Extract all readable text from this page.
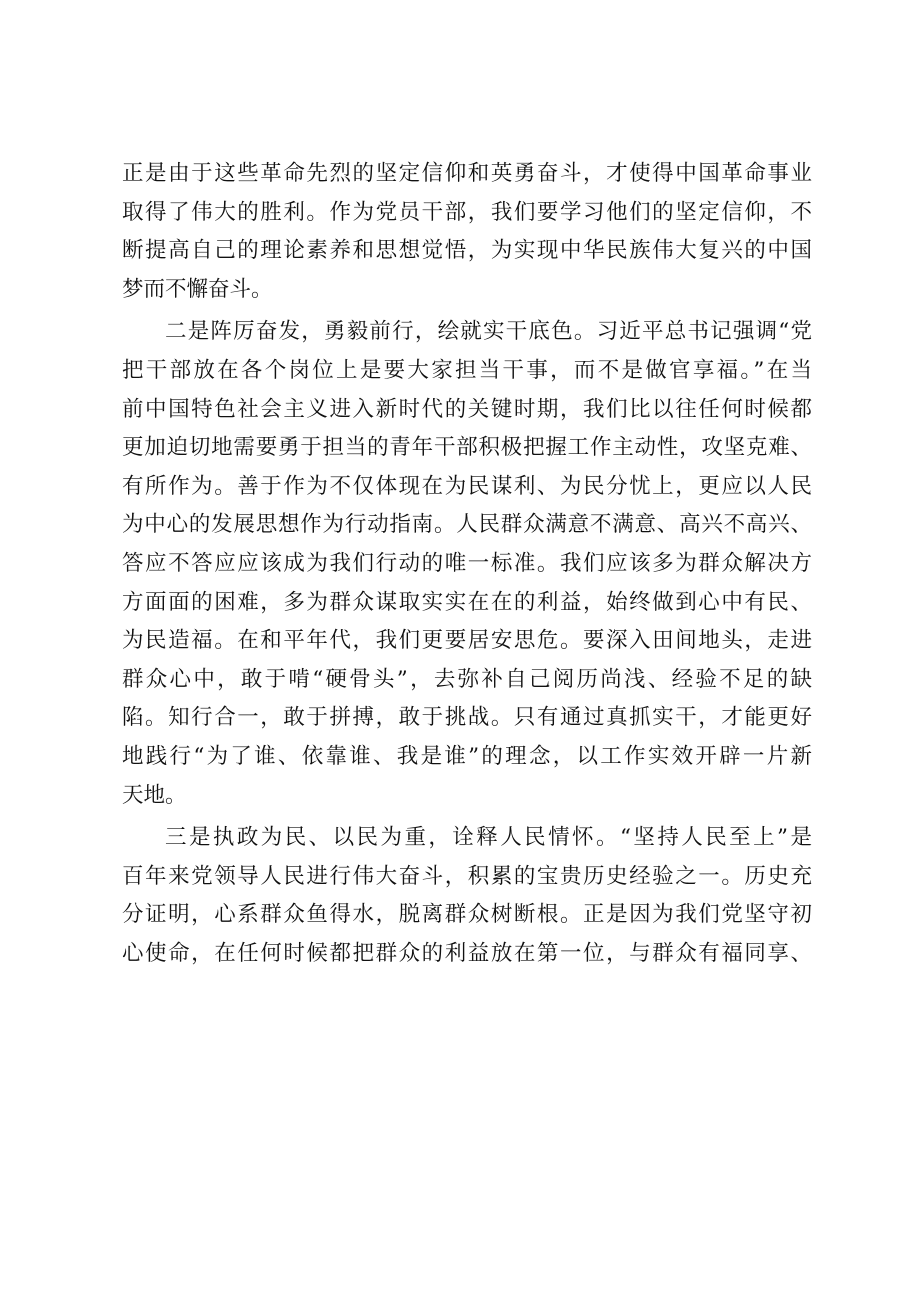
正是由于这些革命先烈的坚定信仰和英勇奋斗，才使得中国革命事业
取得了伟大的胜利。作为党员干部，我们要学习他们的坚定信仰，不
断提高自己的理论素养和思想觉悟，为实现中华民族伟大复兴的中国
梦而不懈奋斗。
二是阵厉奋发，勇毅前行，绘就实干底色。习近平总书记强调“党
把干部放在各个岗位上是要大家担当干事，而不是做官享福。”在当
前中国特色社会主义进入新时代的关键时期，我们比以往任何时候都
更加迫切地需要勇于担当的青年干部积极把握工作主动性，攻坚克难、
有所作为。善于作为不仅体现在为民谋利、为民分忧上，更应以人民
为中心的发展思想作为行动指南。人民群众满意不满意、高兴不高兴、
答应不答应应该成为我们行动的唯一标准。我们应该多为群众解决方
方面面的困难，多为群众谋取实实在在的利益，始终做到心中有民、
为民造福。在和平年代，我们更要居安思危。要深入田间地头，走进
群众心中，敢于啃“硬骨头”，去弥补自己阅历尚浅、经验不足的缺
陷。知行合一，敢于拼搏，敢于挑战。只有通过真抓实干，才能更好
地践行“为了谁、依靠谁、我是谁”的理念，以工作实效开辟一片新
天地。
三是执政为民、以民为重，诠释人民情怀。“坚持人民至上”是
百年来党领导人民进行伟大奋斗，积累的宝贵历史经验之一。历史充
分证明，心系群众鱼得水，脱离群众树断根。正是因为我们党坚守初
心使命，在任何时候都把群众的利益放在第一位，与群众有福同享、
